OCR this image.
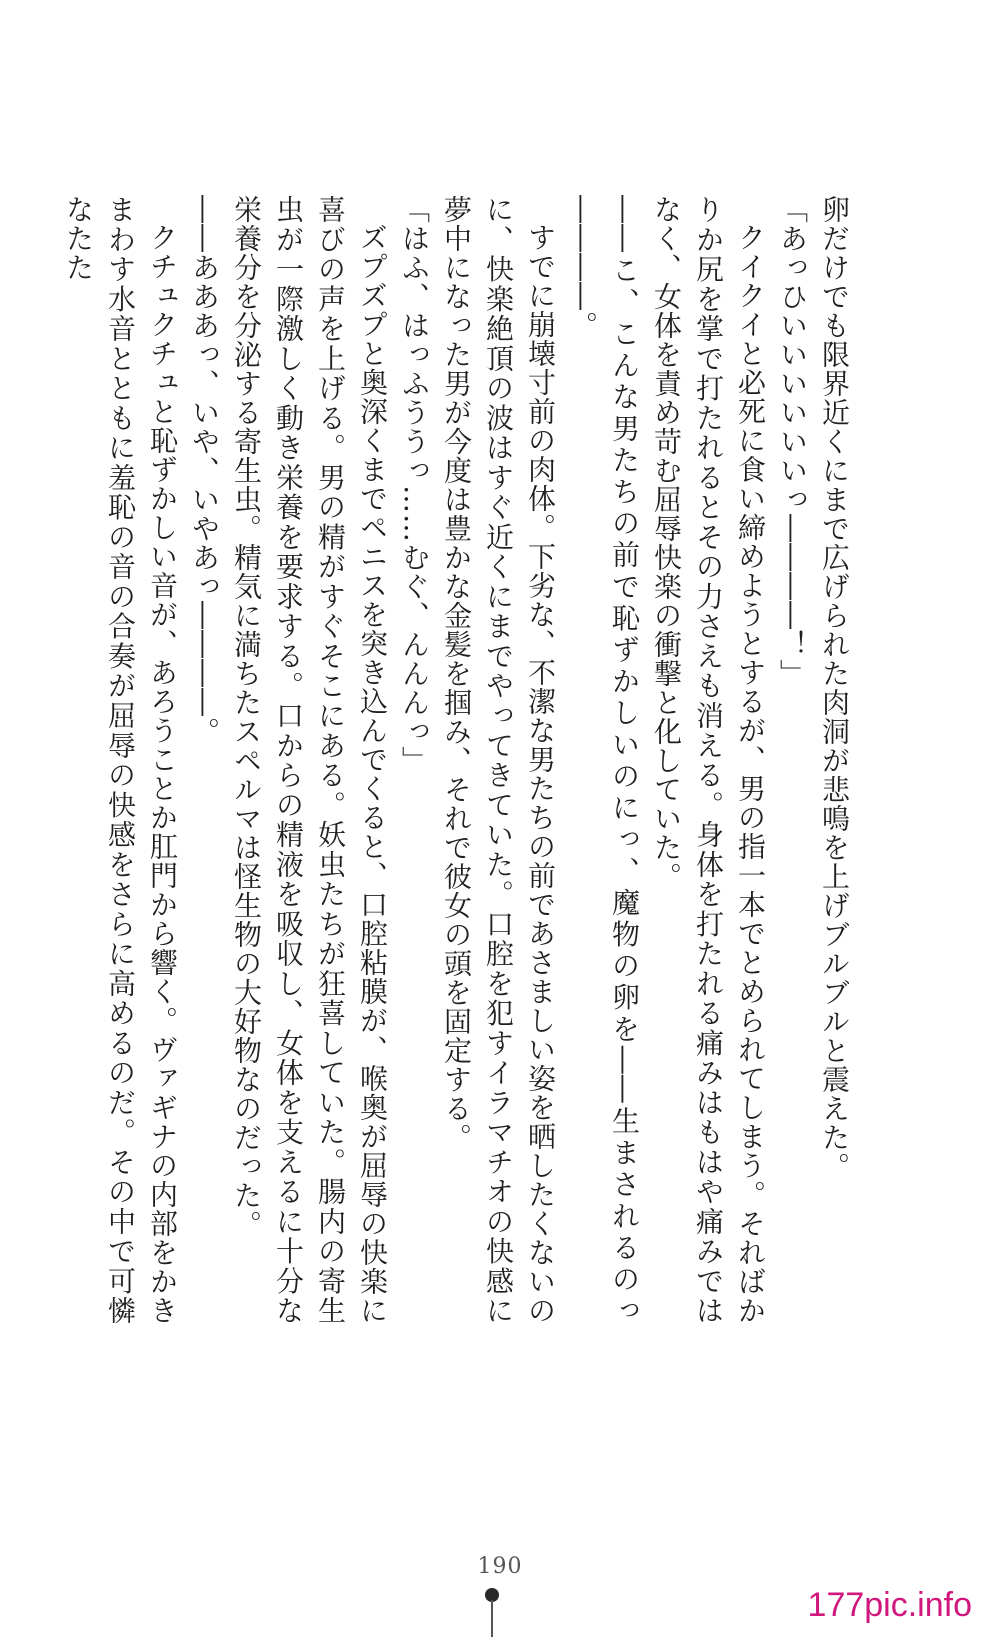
卵だけでも限界近くにまで広げられた肉洞が悲鳴を上げブルブルと震えた。

「あっひいいいいいいっ――――！」

クイクイと必死に食い締めようとするが、男の指一本でとめられてしまう。そればかりか尻を掌で打たれるとその力さえも消える。身体を打たれる痛みはもはや痛みではなく、女体を責め苛む屈辱快楽の衝撃と化していた。

――こ、こんな男たちの前で恥ずかしいのにっ、魔物の卵を――生まされるのっ――――。

すでに崩壊寸前の肉体。下劣な、不潔な男たちの前であさましい姿を晒したくないのに、快楽絶頂の波はすぐ近くにまでやってきていた。口腔を犯すイラマチオの快感に夢中になった男が今度は豊かな金髪を掴み、それで彼女の頭を固定する。

「はふ、はっふううっ……むぐ、んんんっ」

ズプズプと奥深くまでペニスを突き込んでくると、口腔粘膜が、喉奥が屈辱の快楽に喜びの声を上げる。男の精がすぐそこにある。妖虫たちが狂喜していた。腸内の寄生虫が一際激しく動き栄養を要求する。口からの精液を吸収し、女体を支えるに十分な栄養分を分泌する寄生虫。精気に満ちたスペルマは怪生物の大好物なのだった。

――あああっ、いや、いやあっ――――。

クチュクチュと恥ずかしい音が、あろうことか肛門から響く。ヴァギナの内部をかきまわす水音とともに羞恥の音の合奏が屈辱の快感をさらに高めるのだ。その中で可憐なたた

190
177pic.info
